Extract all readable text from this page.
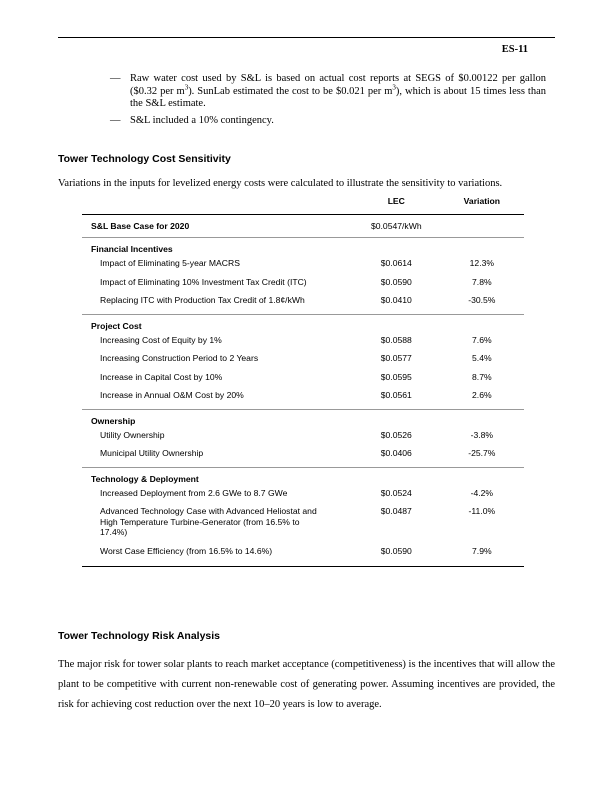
ES-11
— Raw water cost used by S&L is based on actual cost reports at SEGS of $0.00122 per gallon ($0.32 per $m^3$). SunLab estimated the cost to be $0.021 per $m^3$), which is about 15 times less than the S&L estimate.
— S&L included a 10% contingency.
Tower Technology Cost Sensitivity
Variations in the inputs for levelized energy costs were calculated to illustrate the sensitivity to variations.
	LEC	Variation
S&L Base Case for 2020	$0.0547/kWh	
Financial Incentives		
Impact of Eliminating 5-year MACRS	$0.0614	12.3%
Impact of Eliminating 10% Investment Tax Credit (ITC)	$0.0590	7.8%
Replacing ITC with Production Tax Credit of 1.8¢/kWh	$0.0410	-30.5%
Project Cost		
Increasing Cost of Equity by 1%	$0.0588	7.6%
Increasing Construction Period to 2 Years	$0.0577	5.4%
Increase in Capital Cost by 10%	$0.0595	8.7%
Increase in Annual O&M Cost by 20%	$0.0561	2.6%
Ownership		
Utility Ownership	$0.0526	-3.8%
Municipal Utility Ownership	$0.0406	-25.7%
Technology & Deployment		
Increased Deployment from 2.6 GWe to 8.7 GWe	$0.0524	-4.2%
Advanced Technology Case with Advanced Heliostat and High Temperature Turbine-Generator (from 16.5% to 17.4%)	$0.0487	-11.0%
Worst Case Efficiency (from 16.5% to 14.6%)	$0.0590	7.9%
Tower Technology Risk Analysis
The major risk for tower solar plants to reach market acceptance (competitiveness) is the incentives that will allow the plant to be competitive with current non-renewable cost of generating power. Assuming incentives are provided, the risk for achieving cost reduction over the next 10–20 years is low to average.
